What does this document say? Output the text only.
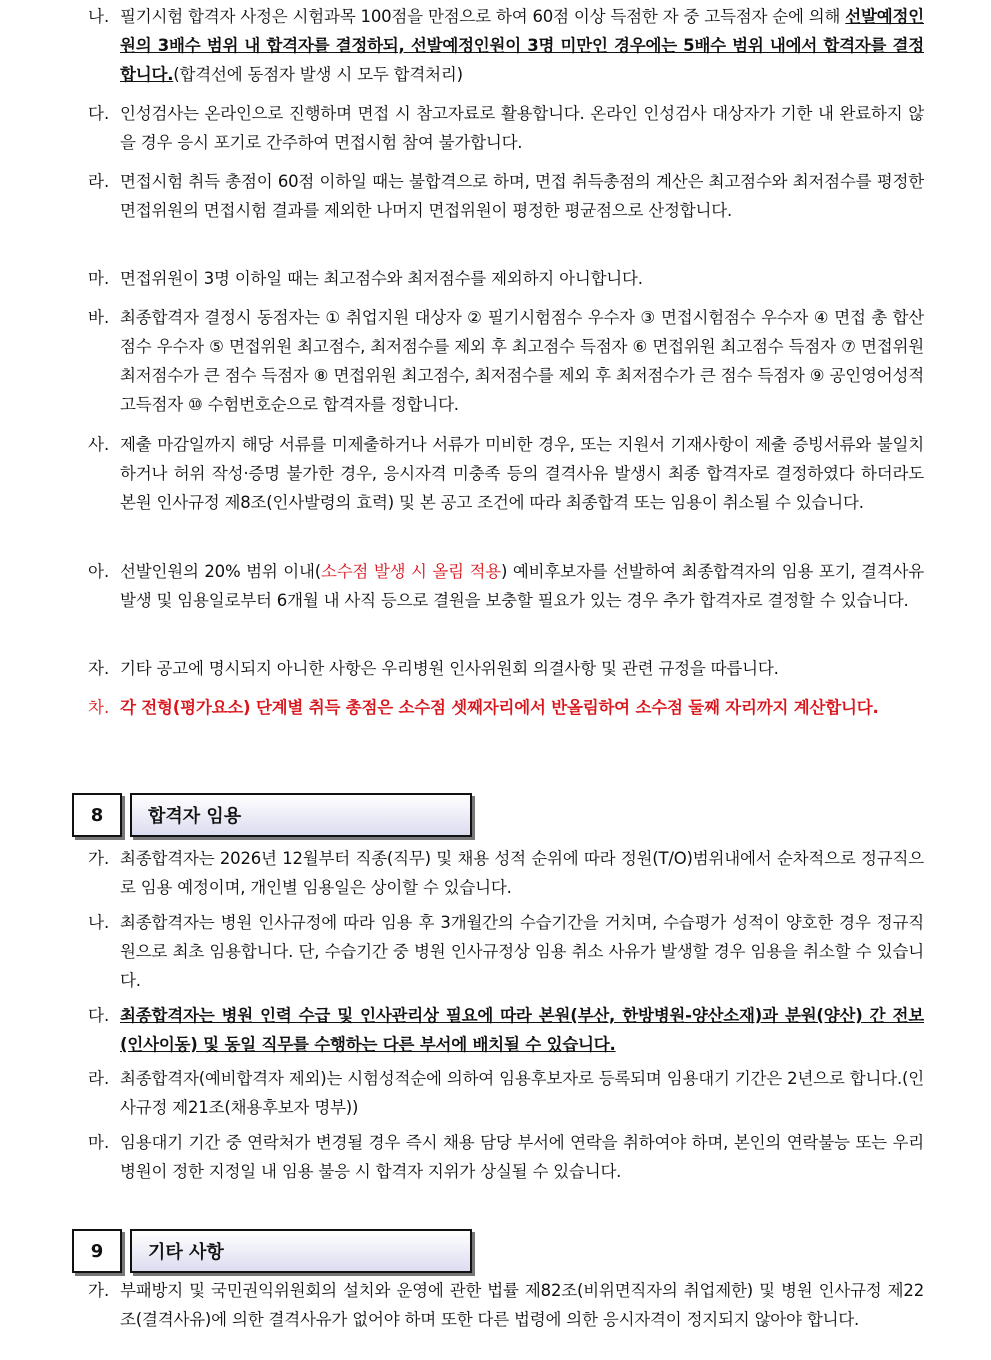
나. 필기시험 합격자 사정은 시험과목 100점을 만점으로 하여 60점 이상 득점한 자 중 고득점자 순에 의해 선발예정인원의 3배수 범위 내 합격자를 결정하되, 선발예정인원이 3명 미만인 경우에는 5배수 범위 내에서 합격자를 결정합니다.(합격선에 동점자 발생 시 모두 합격처리)
다. 인성검사는 온라인으로 진행하며 면접 시 참고자료로 활용합니다. 온라인 인성검사 대상자가 기한 내 완료하지 않을 경우 응시 포기로 간주하여 면접시험 참여 불가합니다.
라. 면접시험 취득 총점이 60점 이하일 때는 불합격으로 하며, 면접 취득총점의 계산은 최고점수와 최저점수를 평정한 면접위원의 면접시험 결과를 제외한 나머지 면접위원이 평정한 평균점으로 산정합니다.
마. 면접위원이 3명 이하일 때는 최고점수와 최저점수를 제외하지 아니합니다.
바. 최종합격자 결정시 동점자는 ① 취업지원 대상자 ② 필기시험점수 우수자 ③ 면접시험점수 우수자 ④ 면접 총 합산점수 우수자 ⑤ 면접위원 최고점수, 최저점수를 제외 후 최고점수 득점자 ⑥ 면접위원 최고점수 득점자 ⑦ 면접위원 최저점수가 큰 점수 득점자 ⑧ 면접위원 최고점수, 최저점수를 제외 후 최저점수가 큰 점수 득점자 ⑨ 공인영어성적 고득점자 ⑩ 수험번호순으로 합격자를 정합니다.
사. 제출 마감일까지 해당 서류를 미제출하거나 서류가 미비한 경우, 또는 지원서 기재사항이 제출 증빙서류와 불일치하거나 허위 작성·증명 불가한 경우, 응시자격 미충족 등의 결격사유 발생시 최종 합격자로 결정하였다 하더라도 본원 인사규정 제8조(인사발령의 효력) 및 본 공고 조건에 따라 최종합격 또는 임용이 취소될 수 있습니다.
아. 선발인원의 20% 범위 이내(소수점 발생 시 올림 적용) 예비후보자를 선발하여 최종합격자의 임용 포기, 결격사유 발생 및 임용일로부터 6개월 내 사직 등으로 결원을 보충할 필요가 있는 경우 추가 합격자로 결정할 수 있습니다.
자. 기타 공고에 명시되지 아니한 사항은 우리병원 인사위원회 의결사항 및 관련 규정을 따릅니다.
차. 각 전형(평가요소) 단계별 취득 총점은 소수점 셋째자리에서 반올림하여 소수점 둘째 자리까지 계산합니다.
8	합격자 임용
가. 최종합격자는 2026년 12월부터 직종(직무) 및 채용 성적 순위에 따라 정원(T/O)범위내에서 순차적으로 정규직으로 임용 예정이며, 개인별 임용일은 상이할 수 있습니다.
나. 최종합격자는 병원 인사규정에 따라 임용 후 3개월간의 수습기간을 거치며, 수습평가 성적이 양호한 경우 정규직원으로 최초 임용합니다. 단, 수습기간 중 병원 인사규정상 임용 취소 사유가 발생할 경우 임용을 취소할 수 있습니다.
다. 최종합격자는 병원 인력 수급 및 인사관리상 필요에 따라 본원(부산, 한방병원-양산소재)과 분원(양산) 간 전보(인사이동) 및 동일 직무를 수행하는 다른 부서에 배치될 수 있습니다.
라. 최종합격자(예비합격자 제외)는 시험성적순에 의하여 임용후보자로 등록되며 임용대기 기간은 2년으로 합니다.(인사규정 제21조(채용후보자 명부))
마. 임용대기 기간 중 연락처가 변경될 경우 즉시 채용 담당 부서에 연락을 취하여야 하며, 본인의 연락불능 또는 우리병원이 정한 지정일 내 임용 불응 시 합격자 지위가 상실될 수 있습니다.
9	기타 사항
가. 부패방지 및 국민권익위원회의 설치와 운영에 관한 법률 제82조(비위면직자의 취업제한) 및 병원 인사규정 제22조(결격사유)에 의한 결격사유가 없어야 하며 또한 다른 법령에 의한 응시자격이 정지되지 않아야 합니다.
